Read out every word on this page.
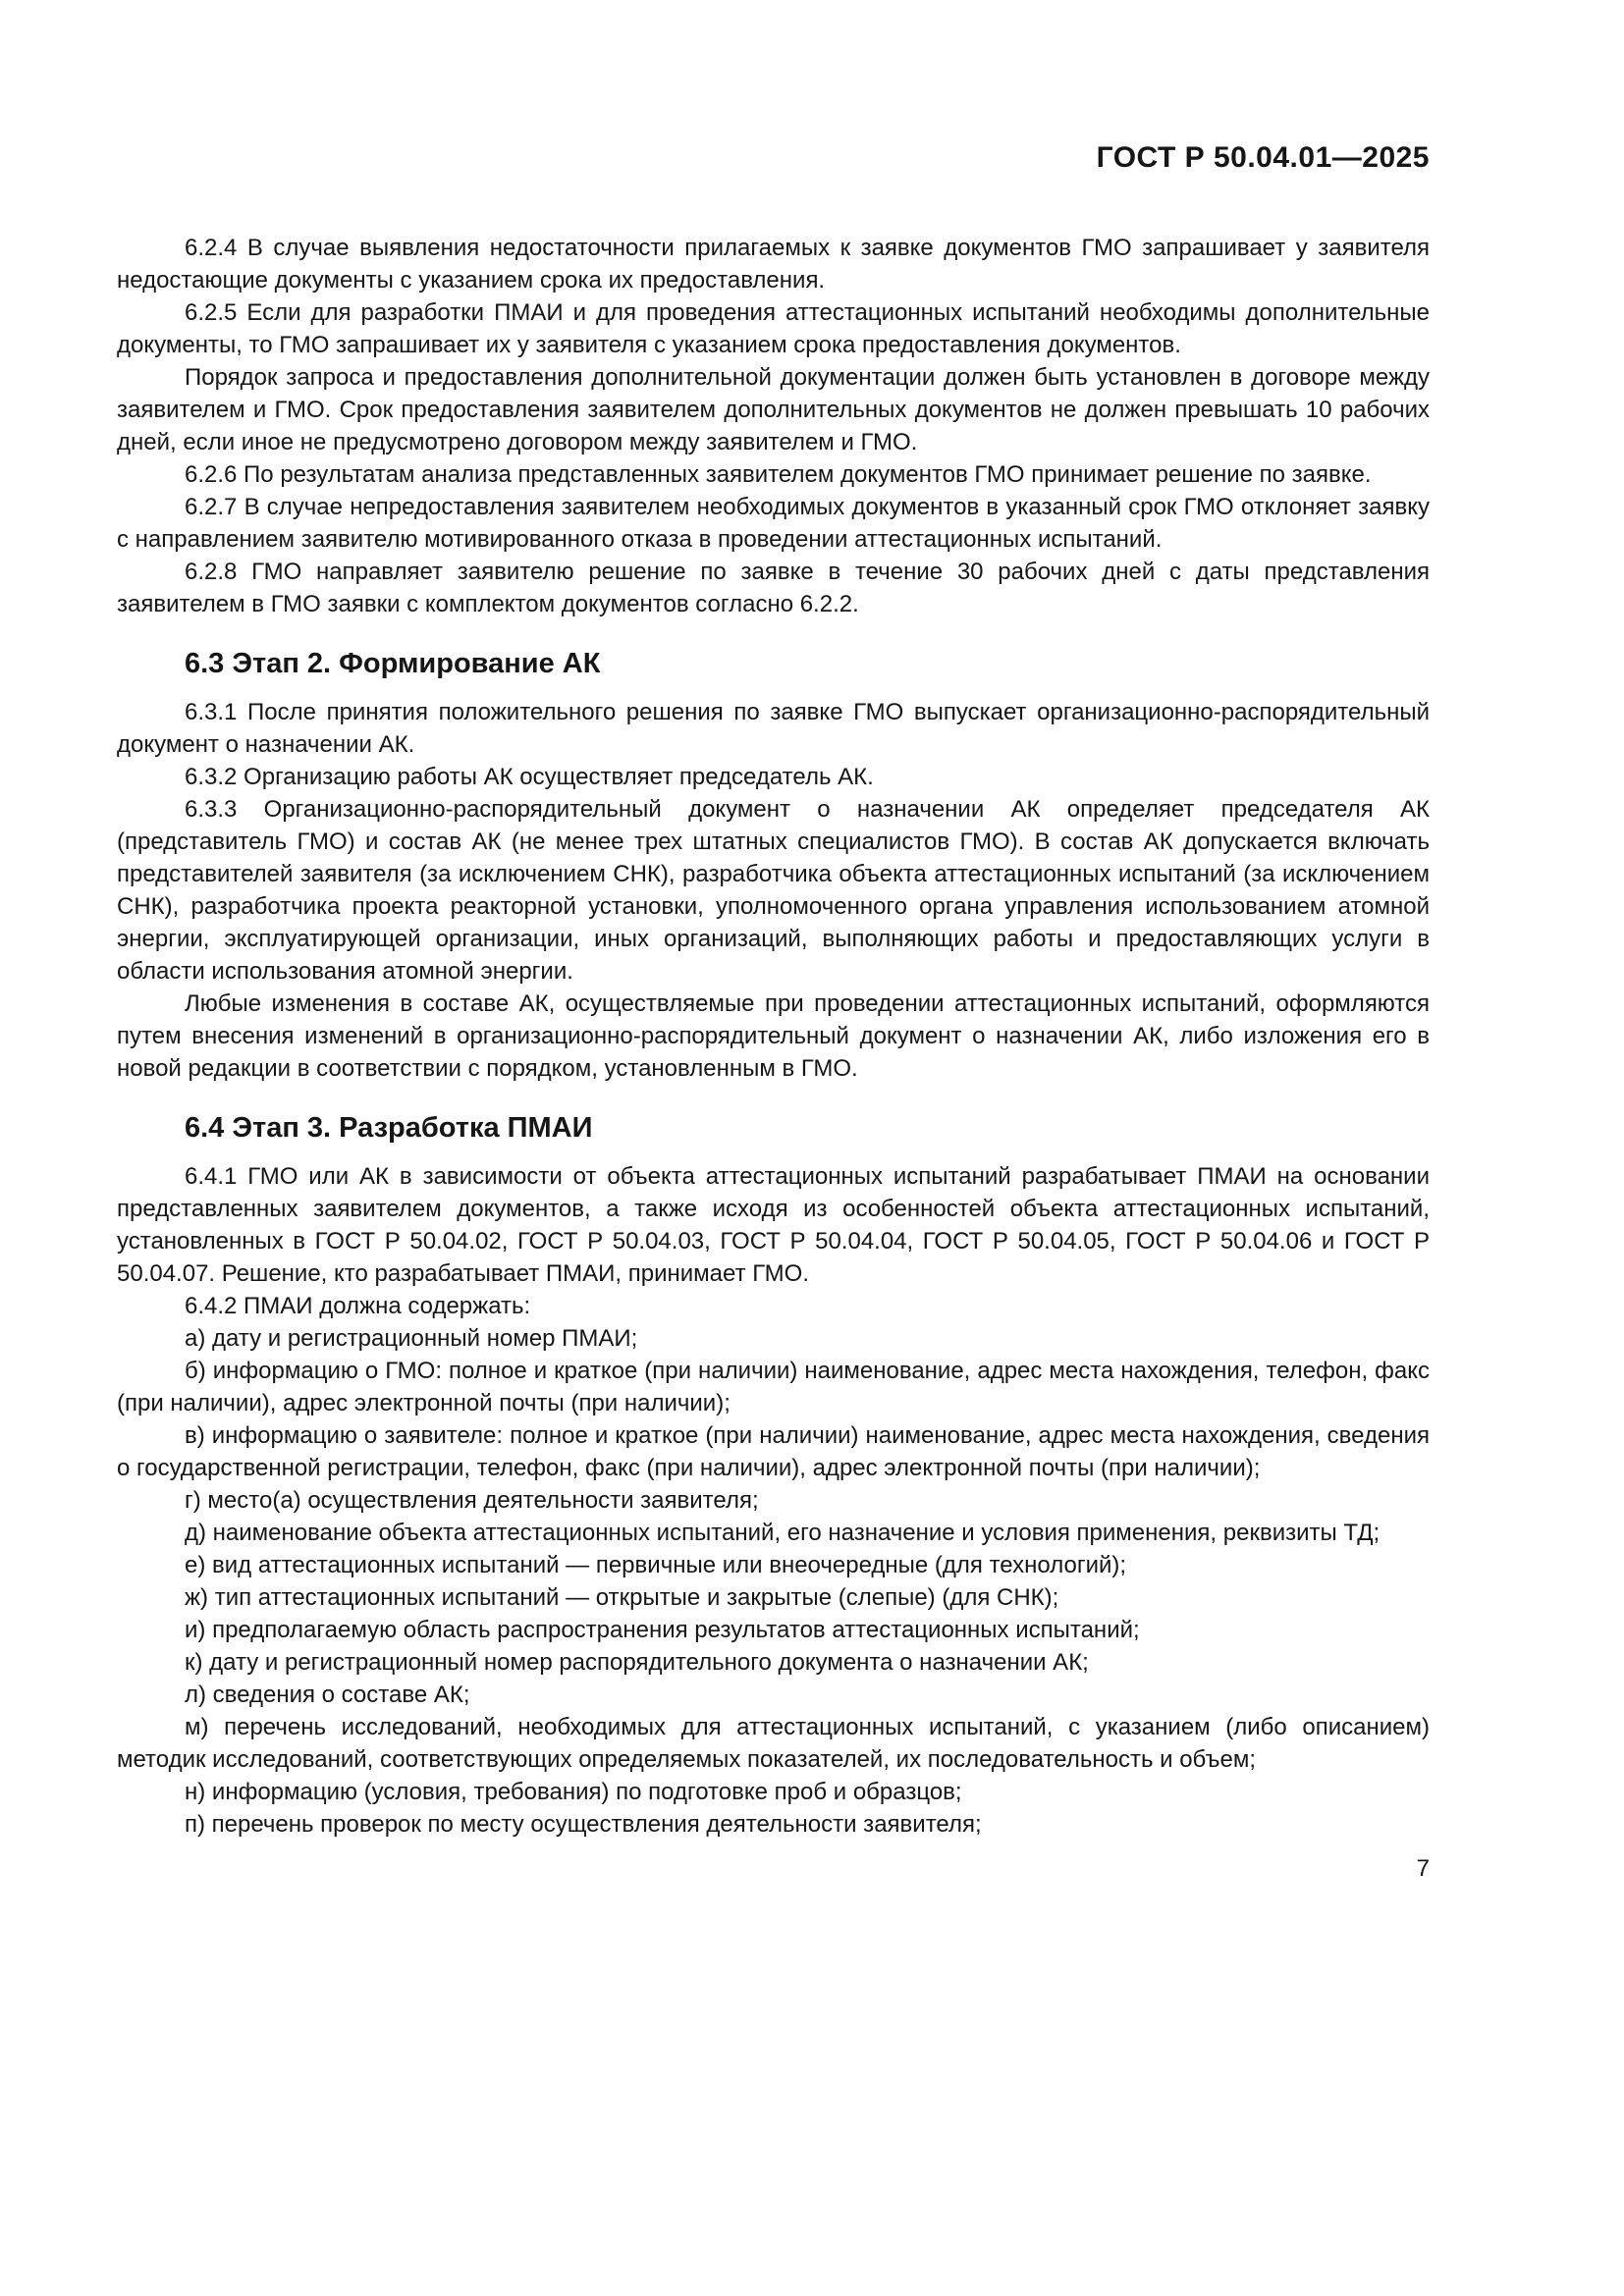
ГОСТ Р 50.04.01—2025

6.2.4 В случае выявления недостаточности прилагаемых к заявке документов ГМО запрашивает у заявителя недостающие документы с указанием срока их предоставления.

6.2.5 Если для разработки ПМАИ и для проведения аттестационных испытаний необходимы дополнительные документы, то ГМО запрашивает их у заявителя с указанием срока предоставления документов.

Порядок запроса и предоставления дополнительной документации должен быть установлен в договоре между заявителем и ГМО. Срок предоставления заявителем дополнительных документов не должен превышать 10 рабочих дней, если иное не предусмотрено договором между заявителем и ГМО.

6.2.6 По результатам анализа представленных заявителем документов ГМО принимает решение по заявке.

6.2.7 В случае непредоставления заявителем необходимых документов в указанный срок ГМО отклоняет заявку с направлением заявителю мотивированного отказа в проведении аттестационных испытаний.

6.2.8 ГМО направляет заявителю решение по заявке в течение 30 рабочих дней с даты представления заявителем в ГМО заявки с комплектом документов согласно 6.2.2.

6.3 Этап 2. Формирование АК

6.3.1 После принятия положительного решения по заявке ГМО выпускает организационно-распорядительный документ о назначении АК.

6.3.2 Организацию работы АК осуществляет председатель АК.

6.3.3 Организационно-распорядительный документ о назначении АК определяет председателя АК (представитель ГМО) и состав АК (не менее трех штатных специалистов ГМО). В состав АК допускается включать представителей заявителя (за исключением СНК), разработчика объекта аттестационных испытаний (за исключением СНК), разработчика проекта реакторной установки, уполномоченного органа управления использованием атомной энергии, эксплуатирующей организации, иных организаций, выполняющих работы и предоставляющих услуги в области использования атомной энергии.

Любые изменения в составе АК, осуществляемые при проведении аттестационных испытаний, оформляются путем внесения изменений в организационно-распорядительный документ о назначении АК, либо изложения его в новой редакции в соответствии с порядком, установленным в ГМО.

6.4 Этап 3. Разработка ПМАИ

6.4.1 ГМО или АК в зависимости от объекта аттестационных испытаний разрабатывает ПМАИ на основании представленных заявителем документов, а также исходя из особенностей объекта аттестационных испытаний, установленных в ГОСТ Р 50.04.02, ГОСТ Р 50.04.03, ГОСТ Р 50.04.04, ГОСТ Р 50.04.05, ГОСТ Р 50.04.06 и ГОСТ Р 50.04.07. Решение, кто разрабатывает ПМАИ, принимает ГМО.

6.4.2 ПМАИ должна содержать:

а) дату и регистрационный номер ПМАИ;

б) информацию о ГМО: полное и краткое (при наличии) наименование, адрес места нахождения, телефон, факс (при наличии), адрес электронной почты (при наличии);

в) информацию о заявителе: полное и краткое (при наличии) наименование, адрес места нахождения, сведения о государственной регистрации, телефон, факс (при наличии), адрес электронной почты (при наличии);

г) место(а) осуществления деятельности заявителя;

д) наименование объекта аттестационных испытаний, его назначение и условия применения, реквизиты ТД;

е) вид аттестационных испытаний — первичные или внеочередные (для технологий);

ж) тип аттестационных испытаний — открытые и закрытые (слепые) (для СНК);

и) предполагаемую область распространения результатов аттестационных испытаний;

к) дату и регистрационный номер распорядительного документа о назначении АК;

л) сведения о составе АК;

м) перечень исследований, необходимых для аттестационных испытаний, с указанием (либо описанием) методик исследований, соответствующих определяемых показателей, их последовательность и объем;

н) информацию (условия, требования) по подготовке проб и образцов;

п) перечень проверок по месту осуществления деятельности заявителя;

7
